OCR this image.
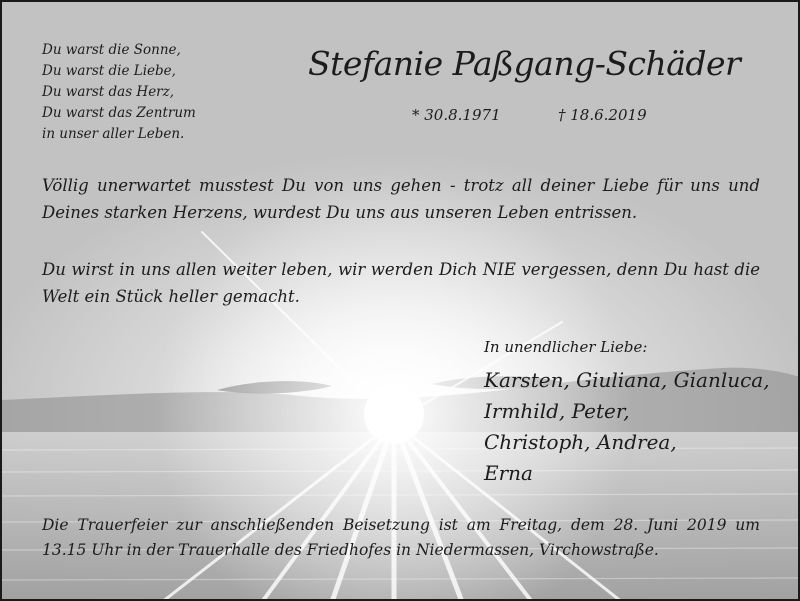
Du warst die Sonne,
Du warst die Liebe,
Du warst das Herz,
Du warst das Zentrum
in unser aller Leben.
Stefanie Paßgang-Schäder
* 30.8.1971	† 18.6.2019
Völlig unerwartet musstest Du von uns gehen - trotz all deiner Liebe für uns und Deines starken Herzens, wurdest Du uns aus unseren Leben entrissen.
Du wirst in uns allen weiter leben, wir werden Dich NIE vergessen, denn Du hast die Welt ein Stück heller gemacht.
In unendlicher Liebe:
Karsten, Giuliana, Gianluca,
Irmhild, Peter,
Christoph, Andrea,
Erna
Die Trauerfeier zur anschließenden Beisetzung ist am Freitag, dem 28. Juni 2019 um 13.15 Uhr in der Trauerhalle des Friedhofes in Niedermassen, Virchowstraße.
